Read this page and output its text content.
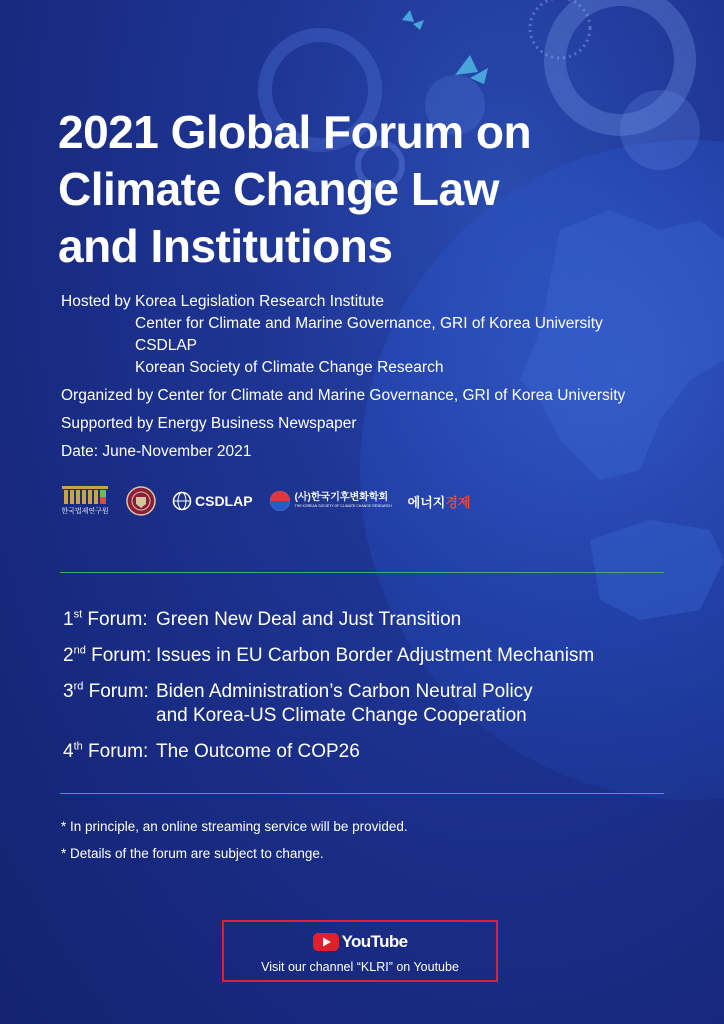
2021 Global Forum on
Climate Change Law
and Institutions
Hosted by Korea Legislation Research Institute
Center for Climate and Marine Governance, GRI of Korea University
CSDLAP
Korean Society of Climate Change Research
Organized by Center for Climate and Marine Governance, GRI of Korea University
Supported by Energy Business Newspaper
Date: June-November 2021
한국법제연구원
CSDLAP	(사)한국기후변화학회
THE KOREAN SOCIETY OF CLIMATE CHANGE RESEARCH 에너지 경제
1st Forum: Green New Deal and Just Transition
2nd Forum: Issues in EU Carbon Border Adjustment Mechanism
3rd Forum: Biden Administration’s Carbon Neutral Policy
and Korea-US Climate Change Cooperation
4th Forum: The Outcome of COP26
* In principle, an online streaming service will be provided.
* Details of the forum are subject to change.
YouTube
Visit our channel “KLRI” on Youtube
